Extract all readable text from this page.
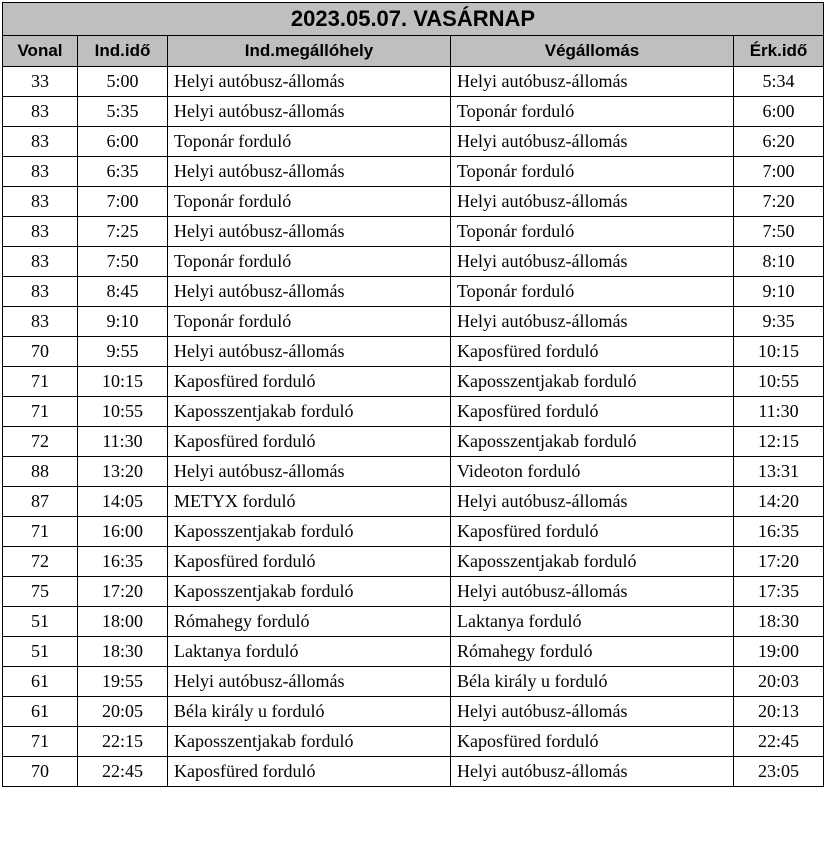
2023.05.07. VASÁRNAP				
Vonal	Ind.idő	Ind.megállóhely	Végállomás	Érk.idő
33	5:00	Helyi autóbusz-állomás	Helyi autóbusz-állomás	5:34
83	5:35	Helyi autóbusz-állomás	Toponár forduló	6:00
83	6:00	Toponár forduló	Helyi autóbusz-állomás	6:20
83	6:35	Helyi autóbusz-állomás	Toponár forduló	7:00
83	7:00	Toponár forduló	Helyi autóbusz-állomás	7:20
83	7:25	Helyi autóbusz-állomás	Toponár forduló	7:50
83	7:50	Toponár forduló	Helyi autóbusz-állomás	8:10
83	8:45	Helyi autóbusz-állomás	Toponár forduló	9:10
83	9:10	Toponár forduló	Helyi autóbusz-állomás	9:35
70	9:55	Helyi autóbusz-állomás	Kaposfüred forduló	10:15
71	10:15	Kaposfüred forduló	Kaposszentjakab forduló	10:55
71	10:55	Kaposszentjakab forduló	Kaposfüred forduló	11:30
72	11:30	Kaposfüred forduló	Kaposszentjakab forduló	12:15
88	13:20	Helyi autóbusz-állomás	Videoton forduló	13:31
87	14:05	METYX forduló	Helyi autóbusz-állomás	14:20
71	16:00	Kaposszentjakab forduló	Kaposfüred forduló	16:35
72	16:35	Kaposfüred forduló	Kaposszentjakab forduló	17:20
75	17:20	Kaposszentjakab forduló	Helyi autóbusz-állomás	17:35
51	18:00	Rómahegy forduló	Laktanya forduló	18:30
51	18:30	Laktanya forduló	Rómahegy forduló	19:00
61	19:55	Helyi autóbusz-állomás	Béla király u forduló	20:03
61	20:05	Béla király u forduló	Helyi autóbusz-állomás	20:13
71	22:15	Kaposszentjakab forduló	Kaposfüred forduló	22:45
70	22:45	Kaposfüred forduló	Helyi autóbusz-állomás	23:05
